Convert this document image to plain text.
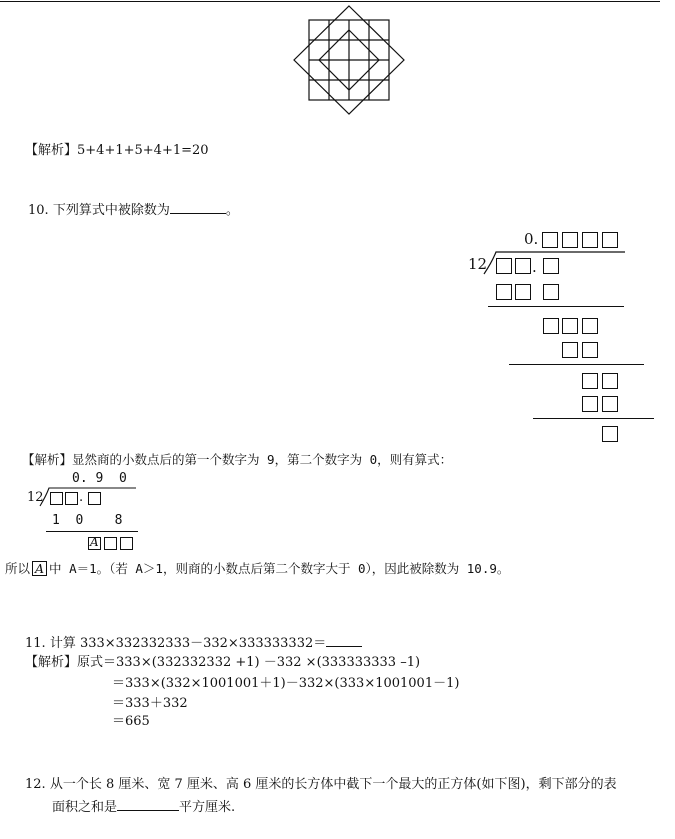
【解析】5+4+1+5+4+1=20
10. 下列算式中被除数为	。
0.
12	.
【解析】显然商的小数点后的第一个数字为 9，第二个数字为 0，则有算式：
0. 9  0
12	.
1  0    8
A
所以 A 中 A＝1。（若 A＞1，则商的小数点后第二个数字大于 0），因此被除数为 10.9。
11. 计算 333×332332333－332×333333332＝
【解析】原式＝333×(332332332 +1) －332 ×(333333333 –1)
＝333×(332×1001001＋1)－332×(333×1001001－1)
＝333＋332
＝665
12. 从一个长 8 厘米、宽 7 厘米、高 6 厘米的长方体中截下一个最大的正方体(如下图)，剩下部分的表
面积之和是	平方厘米.
